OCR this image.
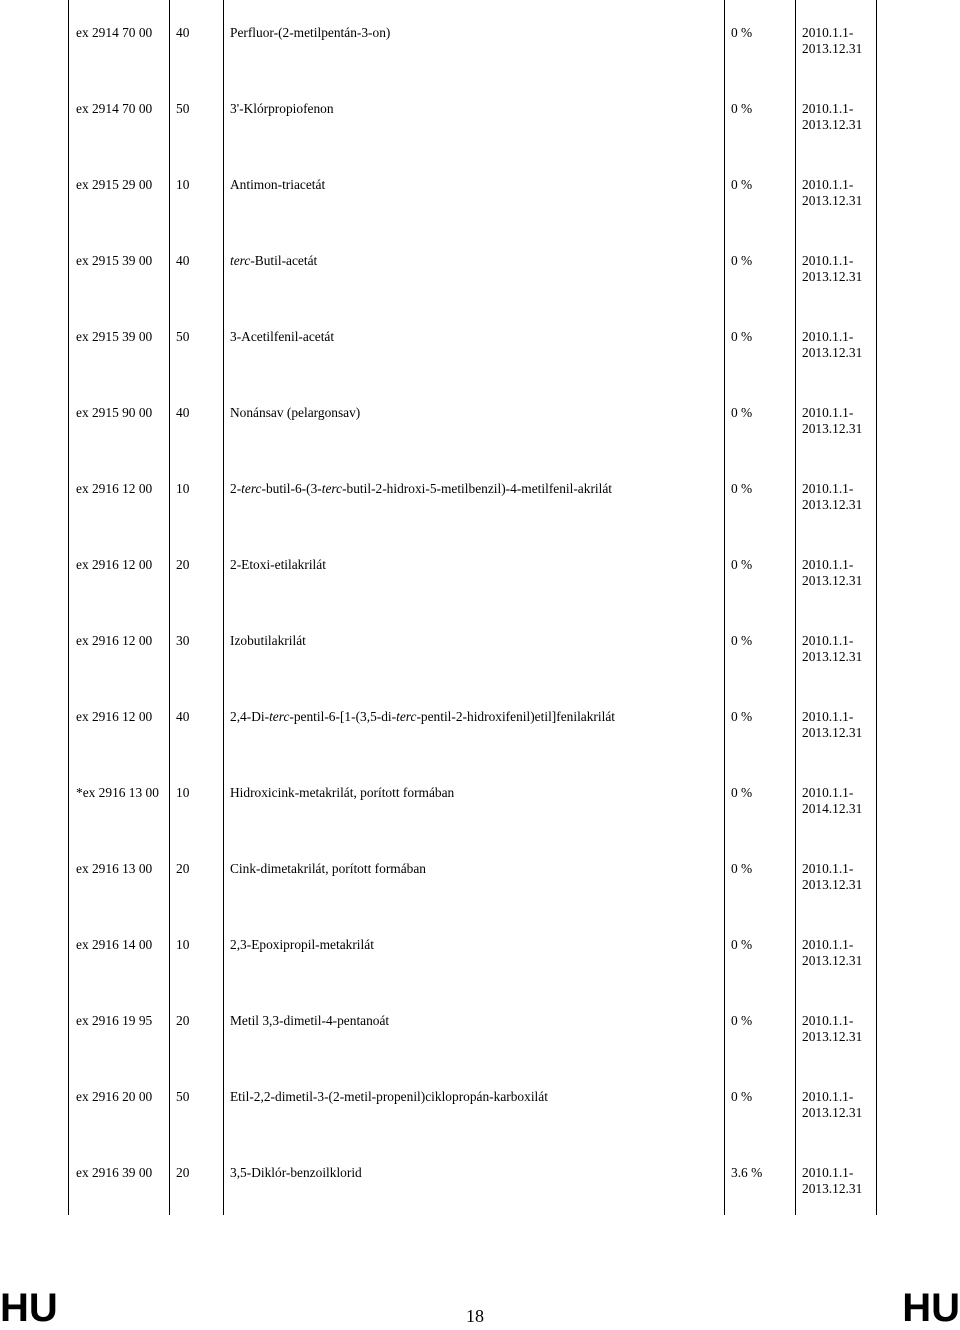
ex 2914 70 00 40	Perfluor-(2-metilpentán-3-on)	0 %	2010.1.1-
2013.12.31
ex 2914 70 00 50	3'-Klórpropiofenon	0 %	2010.1.1-
2013.12.31
ex 2915 29 00 10	Antimon-triacetát	0 %	2010.1.1-
2013.12.31
ex 2915 39 00 40	terc-Butil-acetát	0 %	2010.1.1-
2013.12.31
ex 2915 39 00 50	3-Acetilfenil-acetát	0 %	2010.1.1-
2013.12.31
ex 2915 90 00 40	Nonánsav (pelargonsav)	0 %	2010.1.1-
2013.12.31
ex 2916 12 00 10	2-terc-butil-6-(3-terc-butil-2-hidroxi-5-metilbenzil)-4-metilfenil-akrilát	0 %	2010.1.1-
2013.12.31
ex 2916 12 00 20	2-Etoxi-etilakrilát	0 %	2010.1.1-
2013.12.31
ex 2916 12 00 30	Izobutilakrilát	0 %	2010.1.1-
2013.12.31
ex 2916 12 00 40	2,4-Di-terc-pentil-6-[1-(3,5-di-terc-pentil-2-hidroxifenil)etil]fenilakrilát	0 %	2010.1.1-
2013.12.31
*ex 2916 13 00 10	Hidroxicink-metakrilát, porított formában	0 %	2010.1.1-
2014.12.31
ex 2916 13 00 20	Cink-dimetakrilát, porított formában	0 %	2010.1.1-
2013.12.31
ex 2916 14 00 10	2,3-Epoxipropil-metakrilát	0 %	2010.1.1-
2013.12.31
ex 2916 19 95 20	Metil 3,3-dimetil-4-pentanoát	0 %	2010.1.1-
2013.12.31
ex 2916 20 00 50	Etil-2,2-dimetil-3-(2-metil-propenil)ciklopropán-karboxilát	0 %	2010.1.1-
2013.12.31
ex 2916 39 00 20	3,5-Diklór-benzoilklorid	3.6 %	2010.1.1-
2013.12.31
HU	18	HU
